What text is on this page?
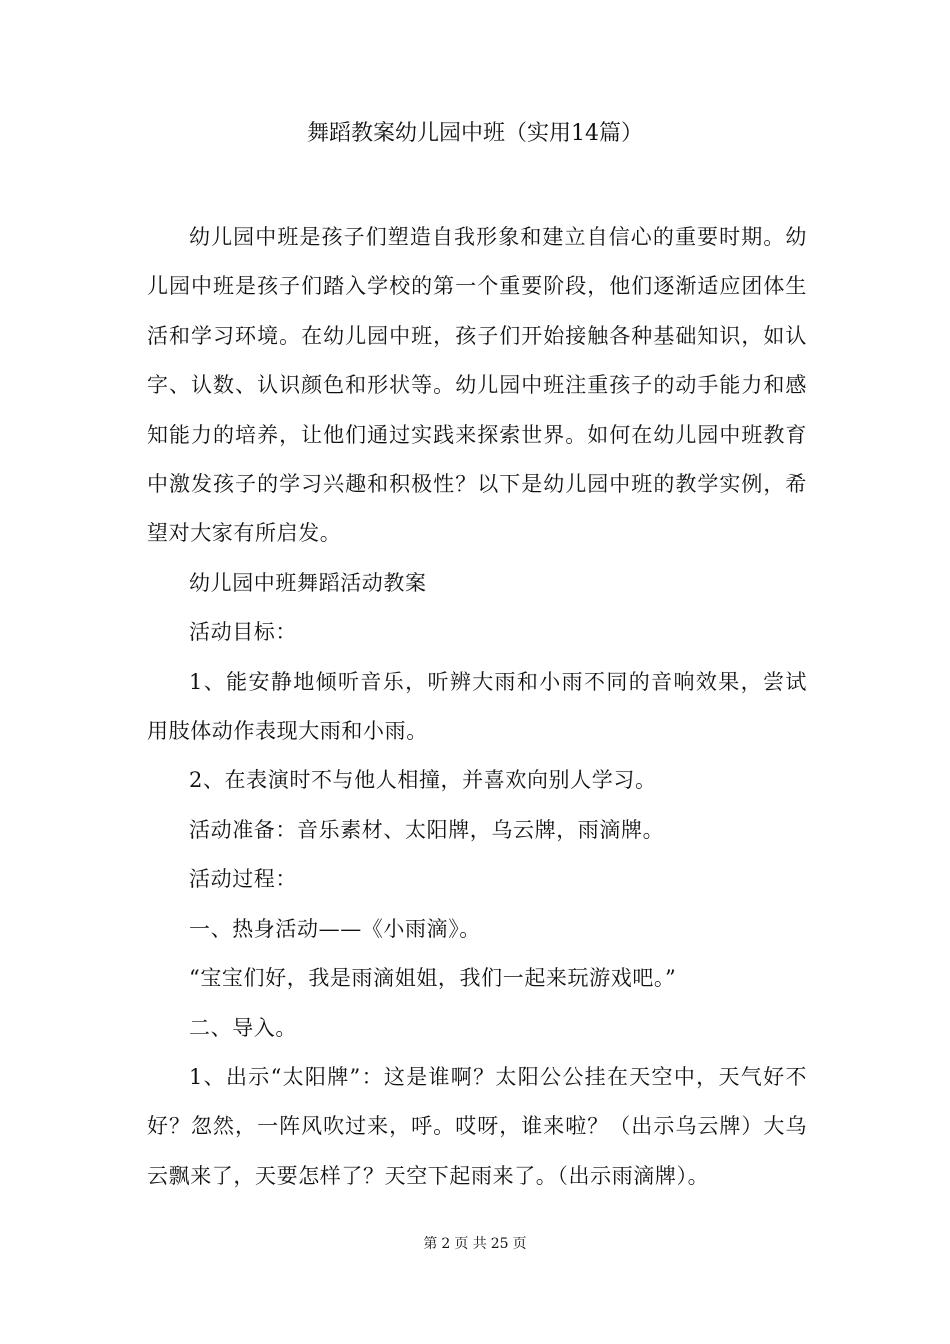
舞蹈教案幼儿园中班（实用14篇）

幼儿园中班是孩子们塑造自我形象和建立自信心的重要时期。幼儿园中班是孩子们踏入学校的第一个重要阶段，他们逐渐适应团体生活和学习环境。在幼儿园中班，孩子们开始接触各种基础知识，如认字、认数、认识颜色和形状等。幼儿园中班注重孩子的动手能力和感知能力的培养，让他们通过实践来探索世界。如何在幼儿园中班教育中激发孩子的学习兴趣和积极性？以下是幼儿园中班的教学实例，希望对大家有所启发。

幼儿园中班舞蹈活动教案

活动目标：

1、能安静地倾听音乐，听辨大雨和小雨不同的音响效果，尝试用肢体动作表现大雨和小雨。

2、在表演时不与他人相撞，并喜欢向别人学习。

活动准备：音乐素材、太阳牌，乌云牌，雨滴牌。

活动过程：

一、热身活动——《小雨滴》。

“宝宝们好，我是雨滴姐姐，我们一起来玩游戏吧。”

二、导入。

1、出示“太阳牌”：这是谁啊？太阳公公挂在天空中，天气好不好？忽然，一阵风吹过来，呼。哎呀，谁来啦？（出示乌云牌）大乌云飘来了，天要怎样了？天空下起雨来了。（出示雨滴牌）。

第 2 页 共 25 页
